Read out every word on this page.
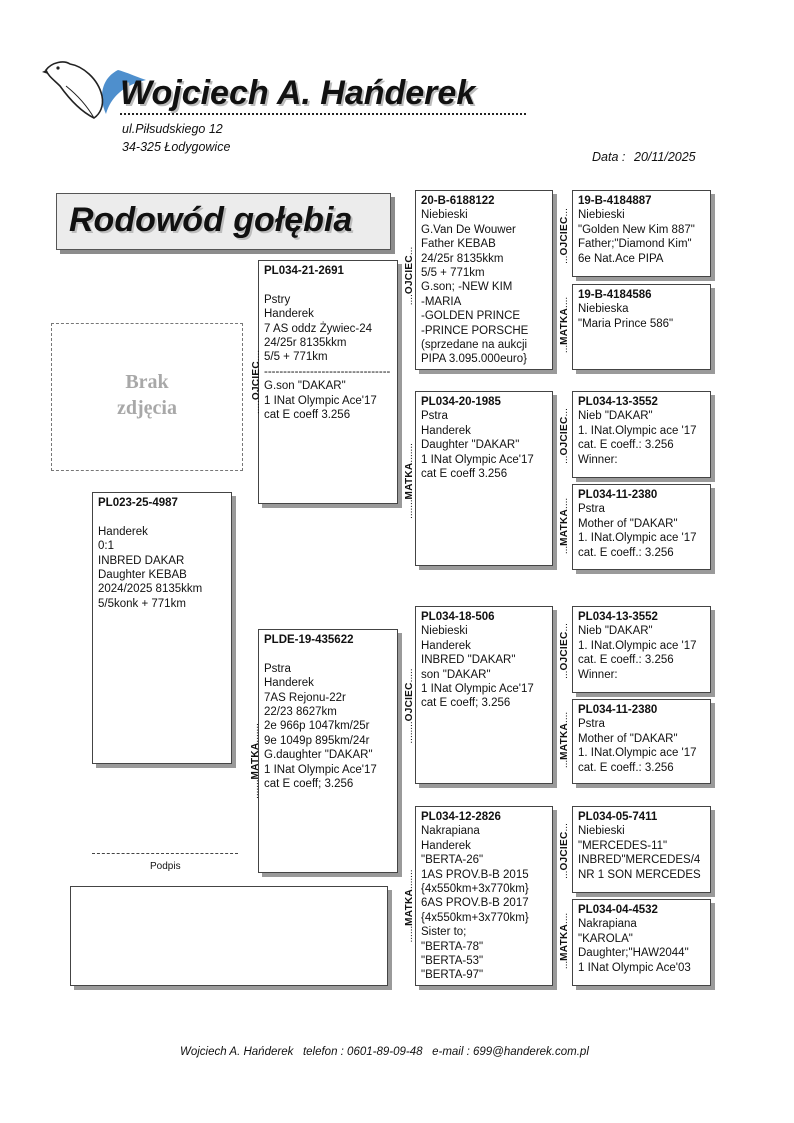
Wojciech A. Hańderek
ul.Piłsudskiego 12
34-325 Łodygowice
Data : 20/11/2025
Rodowód gołębia
Brak
zdjęcia
PL023-25-4987
Handerek
0:1
INBRED DAKAR
Daughter KEBAB
2024/2025 8135kkm
5/5konk + 771km
Podpis
PL034-21-2691
Pstry
Handerek
7 AS oddz Żywiec-24
24/25r 8135kkm
5/5 + 771km
---------------------------------
G.son "DAKAR"
1 INat Olympic Ace'17
cat E coeff 3.256
PLDE-19-435622
Pstra
Handerek
7AS Rejonu-22r
22/23 8627km
2e 966p 1047km/25r
9e 1049p 895km/24r
G.daughter "DAKAR"
1 INat Olympic Ace'17
cat E coeff; 3.256
20-B-6188122
Niebieski
G.Van De Wouwer
Father KEBAB
24/25r 8135kkm
5/5 + 771km
G.son; -NEW KIM
-MARIA
-GOLDEN PRINCE
-PRINCE PORSCHE
(sprzedane na aukcji
PIPA 3.095.000euro}
PL034-20-1985
Pstra
Handerek
Daughter "DAKAR"
1 INat Olympic Ace'17
cat E coeff 3.256
PL034-18-506
Niebieski
Handerek
INBRED "DAKAR"
son "DAKAR"
1 INat Olympic Ace'17
cat E coeff; 3.256
PL034-12-2826
Nakrapiana
Handerek
"BERTA-26"
1AS PROV.B-B 2015
{4x550km+3x770km}
6AS PROV.B-B 2017
{4x550km+3x770km}
Sister to;
"BERTA-78"
"BERTA-53"
"BERTA-97"
19-B-4184887
Niebieski
"Golden New Kim 887"
Father;"Diamond Kim"
6e Nat.Ace PIPA
19-B-4184586
Niebieska
"Maria Prince 586"
PL034-13-3552
Nieb "DAKAR"
1. INat.Olympic ace '17
cat. E coeff.: 3.256
Winner:
PL034-11-2380
Pstra
Mother of "DAKAR"
1. INat.Olympic ace '17
cat. E coeff.: 3.256
PL034-13-3552
Nieb "DAKAR"
1. INat.Olympic ace '17
cat. E coeff.: 3.256
Winner:
PL034-11-2380
Pstra
Mother of "DAKAR"
1. INat.Olympic ace '17
cat. E coeff.: 3.256
PL034-05-7411
Niebieski
"MERCEDES-11"
INBRED"MERCEDES/4
NR 1 SON MERCEDES
PL034-04-4532
Nakrapiana
"KAROLA"
Daughter;"HAW2044"
1 INat Olympic Ace'03
.....OJCIEC....
.......MATKA.......
....OJCIEC...
.......MATKA.......
........OJCIEC.....
......MATKA.......
...OJCIEC...
...MATKA....
...OJCIEC...
...MATKA....
...OJCIEC...
...MATKA....
...OJCIEC...
...MATKA....
Wojciech A. Hańderek telefon : 0601-89-09-48 e-mail : 699@handerek.com.pl
